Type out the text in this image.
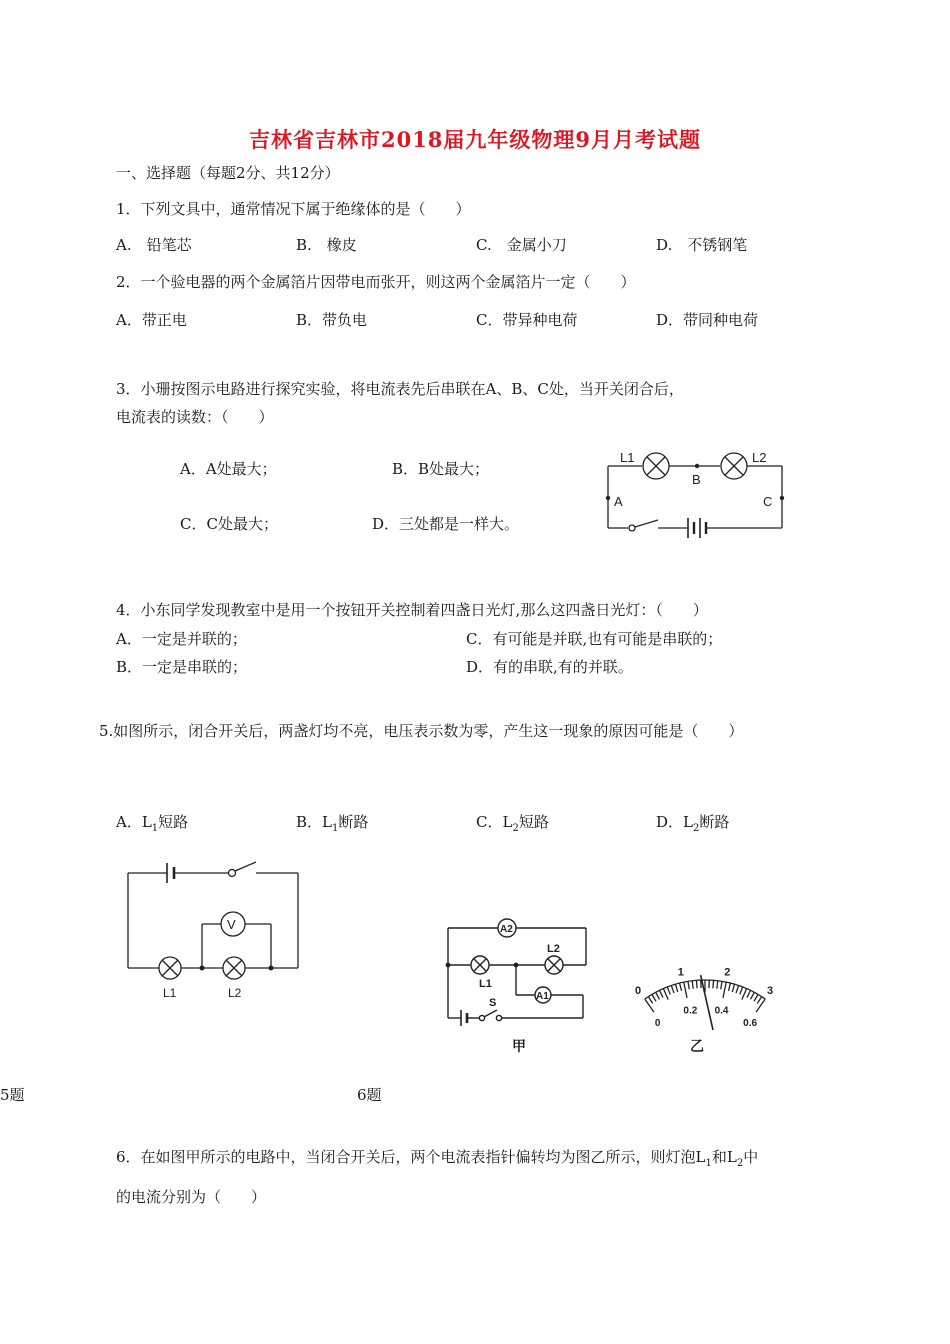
吉林省吉林市2018届九年级物理9月月考试题
一、选择题（每题2分、共12分）
1．下列文具中，通常情况下属于绝缘体的是（　　）
A.　铅笔芯	B.　橡皮	C.　金属小刀	D.　不锈钢笔
2．一个验电器的两个金属箔片因带电而张开，则这两个金属箔片一定（　　）
A．带正电	B．带负电	C．带异种电荷	D．带同种电荷
3．小珊按图示电路进行探究实验，将电流表先后串联在A、B、C处，当开关闭合后，
电流表的读数：（　　）
A．A处最大；	B．B处最大；
C．C处最大；	D．三处都是一样大。
L1	L2
A
B
C
4．小东同学发现教室中是用一个按钮开关控制着四盏日光灯,那么这四盏日光灯：（　　）
A．一定是并联的；	C．有可能是并联,也有可能是串联的；
B．一定是串联的；	D．有的串联,有的并联。
5.如图所示，闭合开关后，两盏灯均不亮，电压表示数为零，产生这一现象的原因可能是（　　）
A．$L_1$短路	B．$L_1$断路	C．$L_2$短路	D．$L_2$断路
V
L1	L2
A2
A1
L1
L2
S
甲
0
1	2
3
0
0.2 0.4
0.6
乙
5题	6题
6．在如图甲所示的电路中，当闭合开关后，两个电流表指针偏转均为图乙所示，则灯泡$L_1$和$L_2$中
的电流分别为（　　）
